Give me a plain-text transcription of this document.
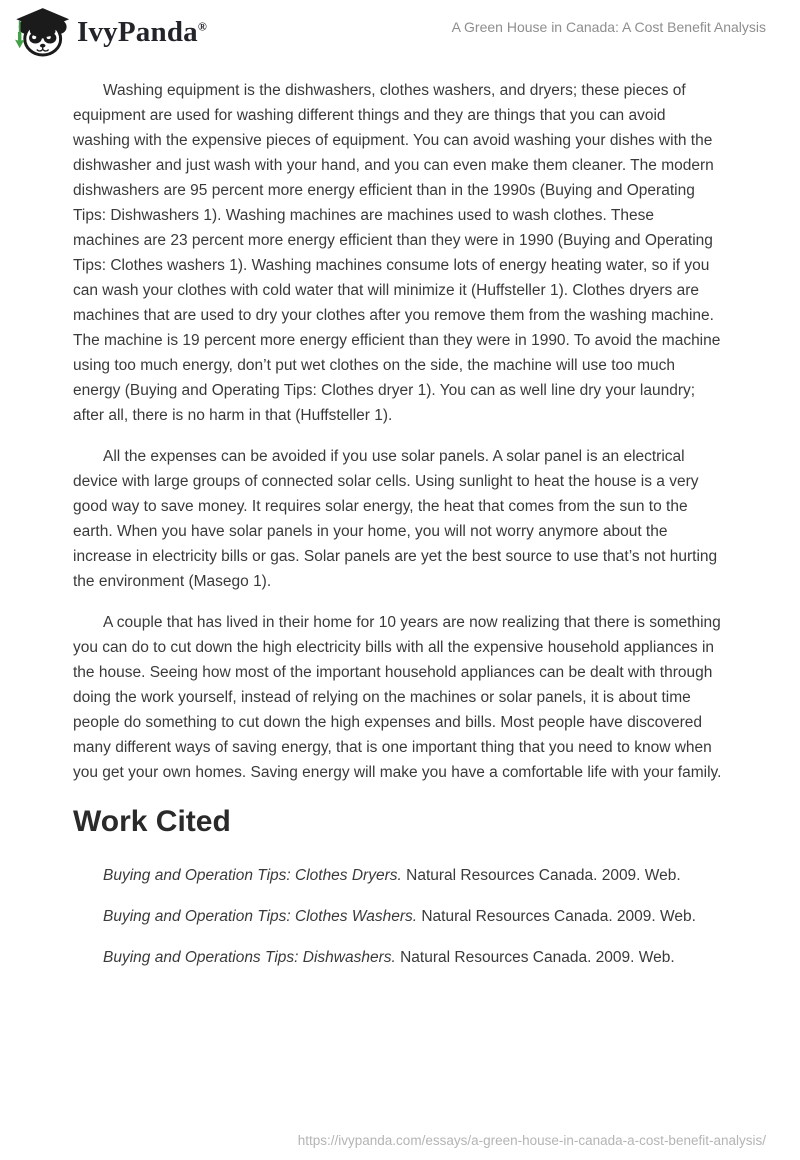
IvyPanda®	A Green House in Canada: A Cost Benefit Analysis

Washing equipment is the dishwashers, clothes washers, and dryers; these pieces of equipment are used for washing different things and they are things that you can avoid washing with the expensive pieces of equipment. You can avoid washing your dishes with the dishwasher and just wash with your hand, and you can even make them cleaner. The modern dishwashers are 95 percent more energy efficient than in the 1990s (Buying and Operating Tips: Dishwashers 1). Washing machines are machines used to wash clothes. These machines are 23 percent more energy efficient than they were in 1990 (Buying and Operating Tips: Clothes washers 1). Washing machines consume lots of energy heating water, so if you can wash your clothes with cold water that will minimize it (Huffsteller 1). Clothes dryers are machines that are used to dry your clothes after you remove them from the washing machine. The machine is 19 percent more energy efficient than they were in 1990. To avoid the machine using too much energy, don’t put wet clothes on the side, the machine will use too much energy (Buying and Operating Tips: Clothes dryer 1). You can as well line dry your laundry; after all, there is no harm in that (Huffsteller 1).

All the expenses can be avoided if you use solar panels. A solar panel is an electrical device with large groups of connected solar cells. Using sunlight to heat the house is a very good way to save money. It requires solar energy, the heat that comes from the sun to the earth. When you have solar panels in your home, you will not worry anymore about the increase in electricity bills or gas. Solar panels are yet the best source to use that’s not hurting the environment (Masego 1).

A couple that has lived in their home for 10 years are now realizing that there is something you can do to cut down the high electricity bills with all the expensive household appliances in the house. Seeing how most of the important household appliances can be dealt with through doing the work yourself, instead of relying on the machines or solar panels, it is about time people do something to cut down the high expenses and bills. Most people have discovered many different ways of saving energy, that is one important thing that you need to know when you get your own homes. Saving energy will make you have a comfortable life with your family.

Work Cited

Buying and Operation Tips: Clothes Dryers. Natural Resources Canada. 2009. Web.

Buying and Operation Tips: Clothes Washers. Natural Resources Canada. 2009. Web.

Buying and Operations Tips: Dishwashers. Natural Resources Canada. 2009. Web.

https://ivypanda.com/essays/a-green-house-in-canada-a-cost-benefit-analysis/
